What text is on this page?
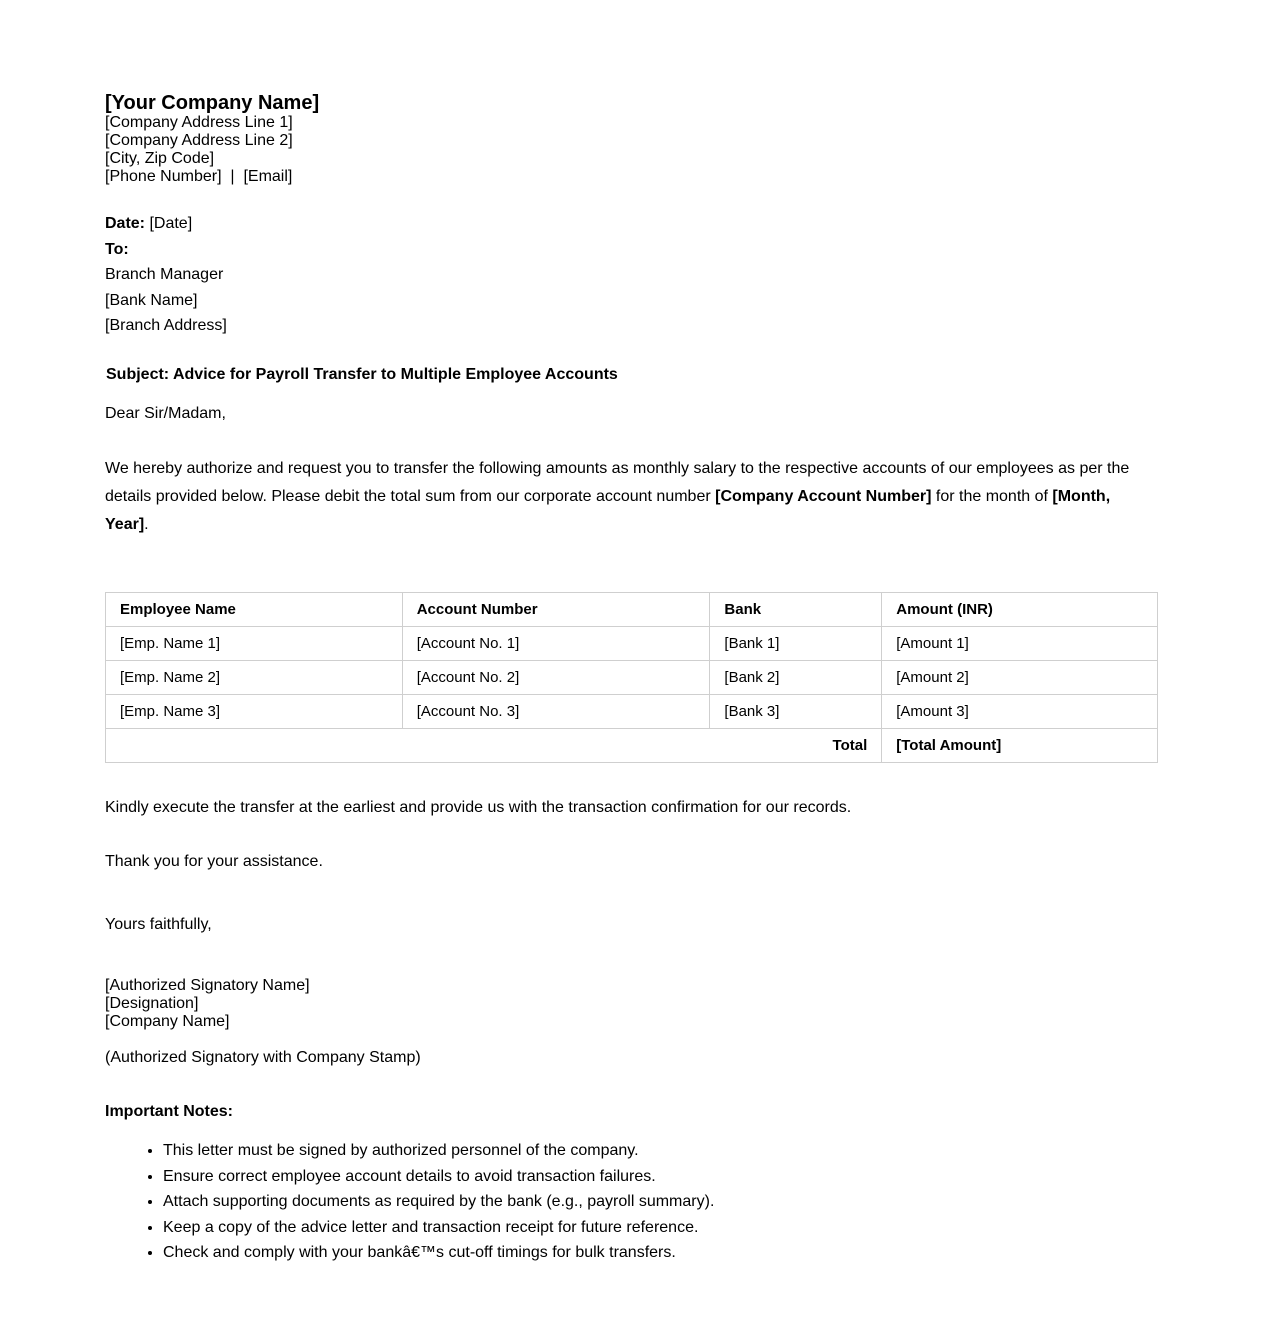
[Your Company Name]
[Company Address Line 1]
[Company Address Line 2]
[City, Zip Code]
[Phone Number]  |  [Email]
Date: [Date]
To:
Branch Manager
[Bank Name]
[Branch Address]
Subject: Advice for Payroll Transfer to Multiple Employee Accounts
Dear Sir/Madam,

We hereby authorize and request you to transfer the following amounts as monthly salary to the respective accounts of our employees as per the details provided below. Please debit the total sum from our corporate account number [Company Account Number] for the month of [Month, Year].

Employee Name	Account Number	Bank	Amount (INR)
[Emp. Name 1]	[Account No. 1]	[Bank 1]	[Amount 1]
[Emp. Name 2]	[Account No. 2]	[Bank 2]	[Amount 2]
[Emp. Name 3]	[Account No. 3]	[Bank 3]	[Amount 3]
Total			[Total Amount]
Kindly execute the transfer at the earliest and provide us with the transaction confirmation for our records.
Thank you for your assistance.
Yours faithfully,
[Authorized Signatory Name]
[Designation]
[Company Name]
(Authorized Signatory with Company Stamp)
Important Notes:
• This letter must be signed by authorized personnel of the company.
• Ensure correct employee account details to avoid transaction failures.
• Attach supporting documents as required by the bank (e.g., payroll summary).
• Keep a copy of the advice letter and transaction receipt for future reference.
• Check and comply with your bankâ€™s cut-off timings for bulk transfers.
